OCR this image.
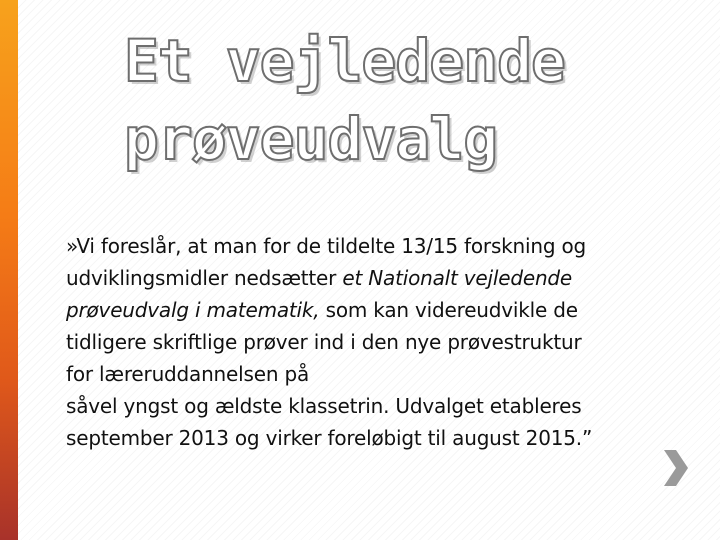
Et vejledende
prøveudvalg
»Vi foreslår, at man for de tildelte 13/15 forskning og
udviklingsmidler nedsætter et Nationalt vejledende
prøveudvalg i matematik, som kan videreudvikle de
tidligere skriftlige prøver ind i den nye prøvestruktur
for læreruddannelsen på
såvel yngst og ældste klassetrin. Udvalget etableres
september 2013 og virker foreløbigt til august 2015.”
